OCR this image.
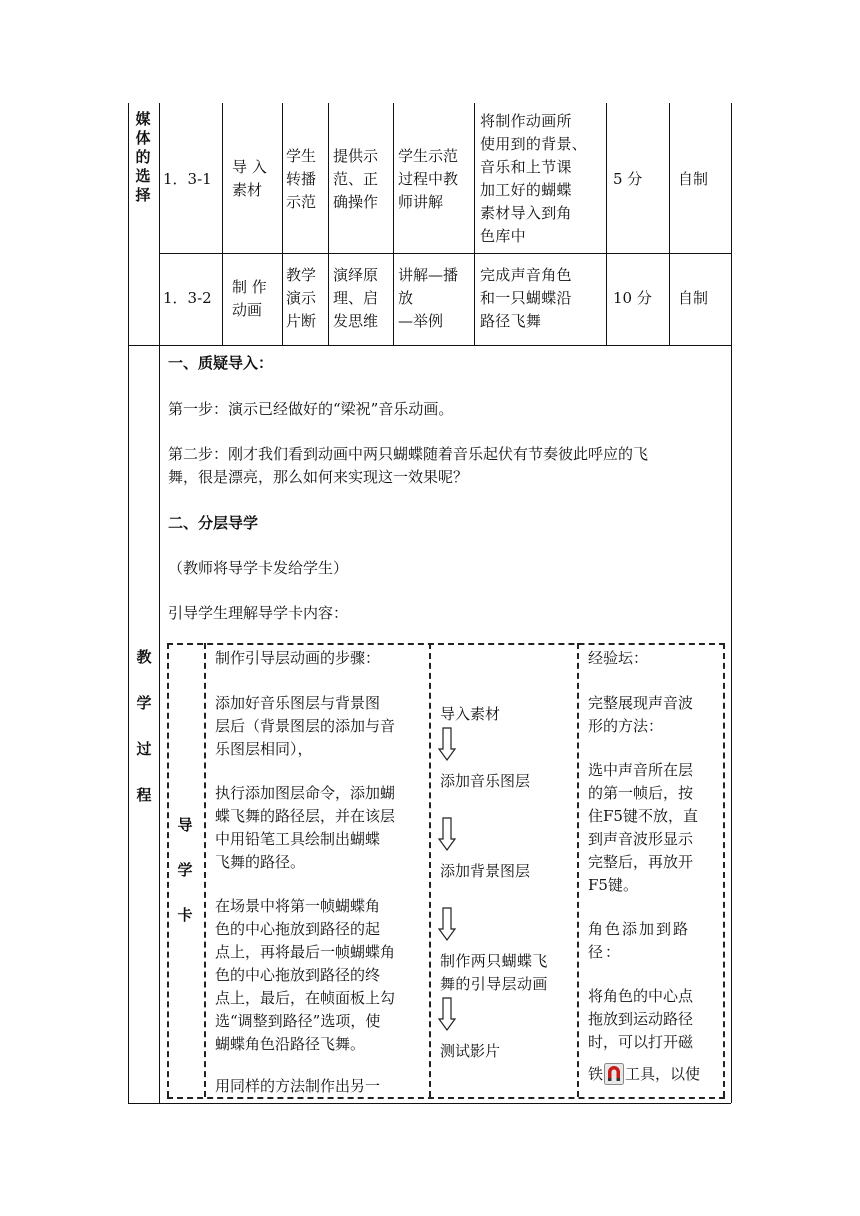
媒
体
的
选
择
1．3-1
导 入
素材
学生
转播
示范
提供示
范、正
确操作
学生示范
过程中教
师讲解
将制作动画所
使用到的背景、
音乐和上节课
加工好的蝴蝶
素材导入到角
色库中
5 分	自制
1．3-2
制 作
动画
教学
演示
片断
演绎原
理、启
发思维
讲解—播
放
—举例
完成声音角色
和一只蝴蝶沿
路径飞舞
10 分	自制
教
学
过
程
一、质疑导入：
第一步：演示已经做好的“梁祝”音乐动画。
第二步：刚才我们看到动画中两只蝴蝶随着音乐起伏有节奏彼此呼应的飞
舞，很是漂亮，那么如何来实现这一效果呢？
二、分层导学
（教师将导学卡发给学生）
引导学生理解导学卡内容：
导
学
卡
制作引导层动画的步骤：
添加好音乐图层与背景图
层后（背景图层的添加与音
乐图层相同），
执行添加图层命令，添加蝴
蝶飞舞的路径层，并在该层
中用铅笔工具绘制出蝴蝶
飞舞的路径。
在场景中将第一帧蝴蝶角
色的中心拖放到路径的起
点上，再将最后一帧蝴蝶角
色的中心拖放到路径的终
点上，最后，在帧面板上勾
选“调整到路径”选项，使
蝴蝶角色沿路径飞舞。
用同样的方法制作出另一
导入素材
添加音乐图层
添加背景图层
制作两只蝴蝶飞
舞的引导层动画
测试影片
经验坛：
完整展现声音波
形的方法：
选中声音所在层
的第一帧后，按
住F5键不放，直
到声音波形显示
完整后，再放开
F5键。
角色添加到路
径：
将角色的中心点
拖放到运动路径
时，可以打开磁
铁 工具，以使
